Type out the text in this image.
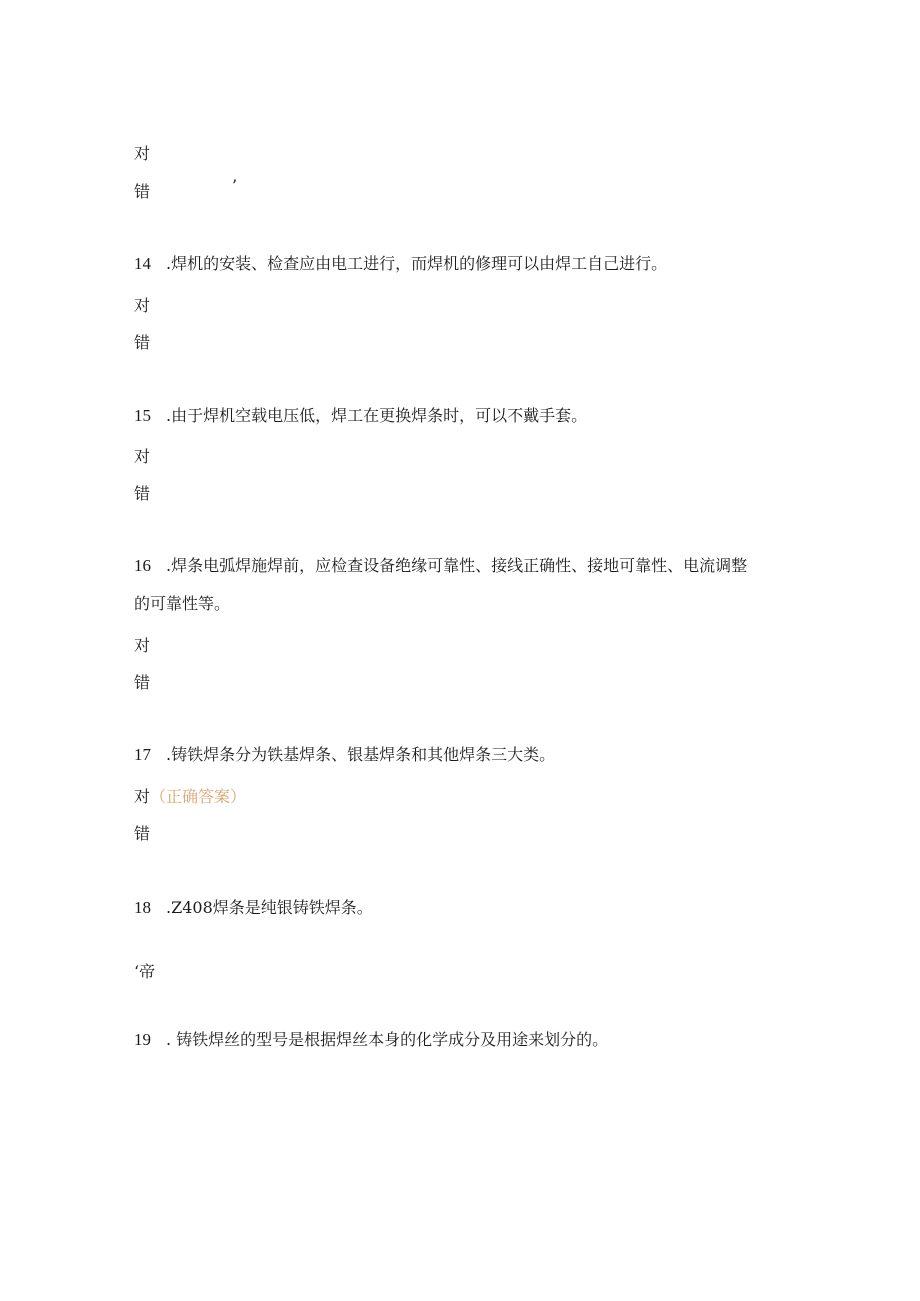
对
错	’
14 .焊机的安装、检查应由电工进行，而焊机的修理可以由焊工自己进行。
对
错
15 .由于焊机空载电压低，焊工在更换焊条时，可以不戴手套。
对
错
16 .焊条电弧焊施焊前，应检查设备绝缘可靠性、接线正确性、接地可靠性、电流调整
的可靠性等。
对
错
17 .铸铁焊条分为铁基焊条、银基焊条和其他焊条三大类。
对（正确答案）
错
18 .Z408焊条是纯银铸铁焊条。
‘帝
19 . 铸铁焊丝的型号是根据焊丝本身的化学成分及用途来划分的。
